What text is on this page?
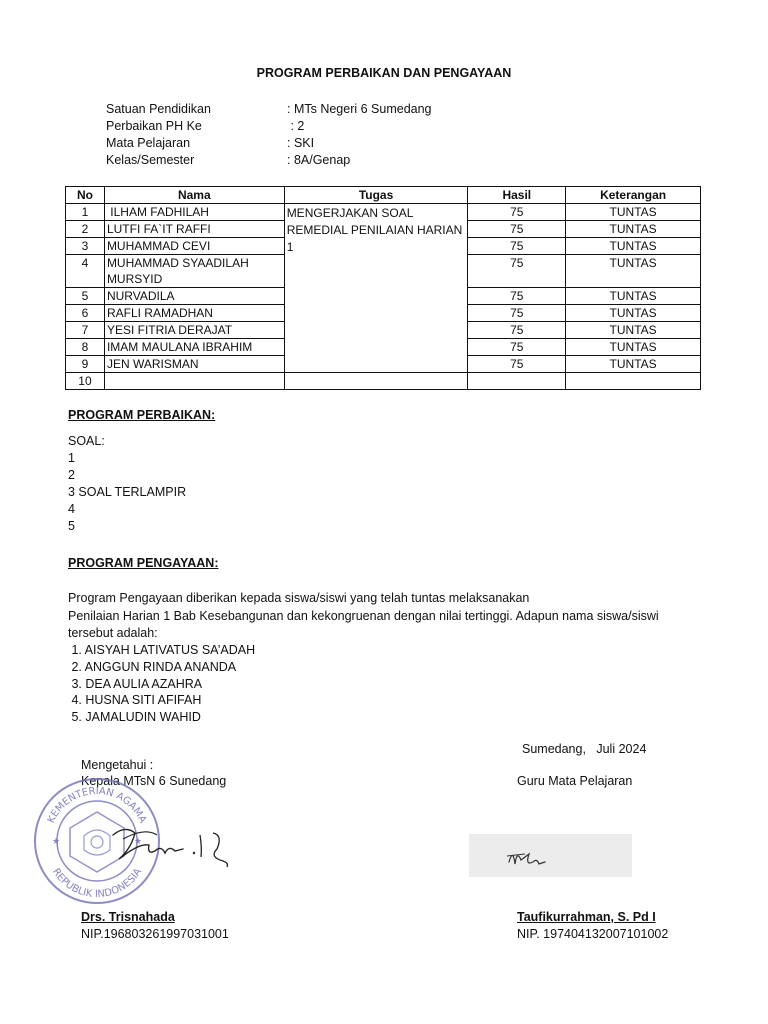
PROGRAM PERBAIKAN DAN PENGAYAAN
Satuan Pendidikan	: MTs Negeri 6 Sumedang
Perbaikan PH Ke	: 2
Mata Pelajaran	: SKI
Kelas/Semester	: 8A/Genap
No	Nama	Tugas	Hasil	Keterangan
1	ILHAM FADHILAH	MENGERJAKAN SOAL REMEDIAL PENILAIAN HARIAN 1	75	TUNTAS
2	LUTFI FA`IT RAFFI		75	TUNTAS
3	MUHAMMAD CEVI		75	TUNTAS
4	MUHAMMAD SYAADILAH MURSYID		75	TUNTAS
5	NURVADILA		75	TUNTAS
6	RAFLI RAMADHAN		75	TUNTAS
7	YESI FITRIA DERAJAT		75	TUNTAS
8	IMAM MAULANA IBRAHIM		75	TUNTAS
9	JEN WARISMAN		75	TUNTAS
10				
PROGRAM PERBAIKAN:
SOAL:
1
2
3 SOAL TERLAMPIR
4
5
PROGRAM PENGAYAAN:
Program Pengayaan diberikan kepada siswa/siswi yang telah tuntas melaksanakan
Penilaian Harian 1 Bab Kesebangunan dan kekongruenan dengan nilai tertinggi. Adapun nama siswa/siswi
tersebut adalah:
1. AISYAH LATIVATUS SA’ADAH
2. ANGGUN RINDA ANANDA
3. DEA AULIA AZAHRA
4. HUSNA SITI AFIFAH
5. JAMALUDIN WAHID
Sumedang,   Juli 2024
Mengetahui :
Kepala MTsN 6 Sunedang	Guru Mata Pelajaran
KEMENTERIAN AGAMA
REPUBLIK INDONESIA
★	★
Drs. Trisnahada
NIP.196803261997031001
Taufikurrahman, S. Pd I
NIP. 197404132007101002
